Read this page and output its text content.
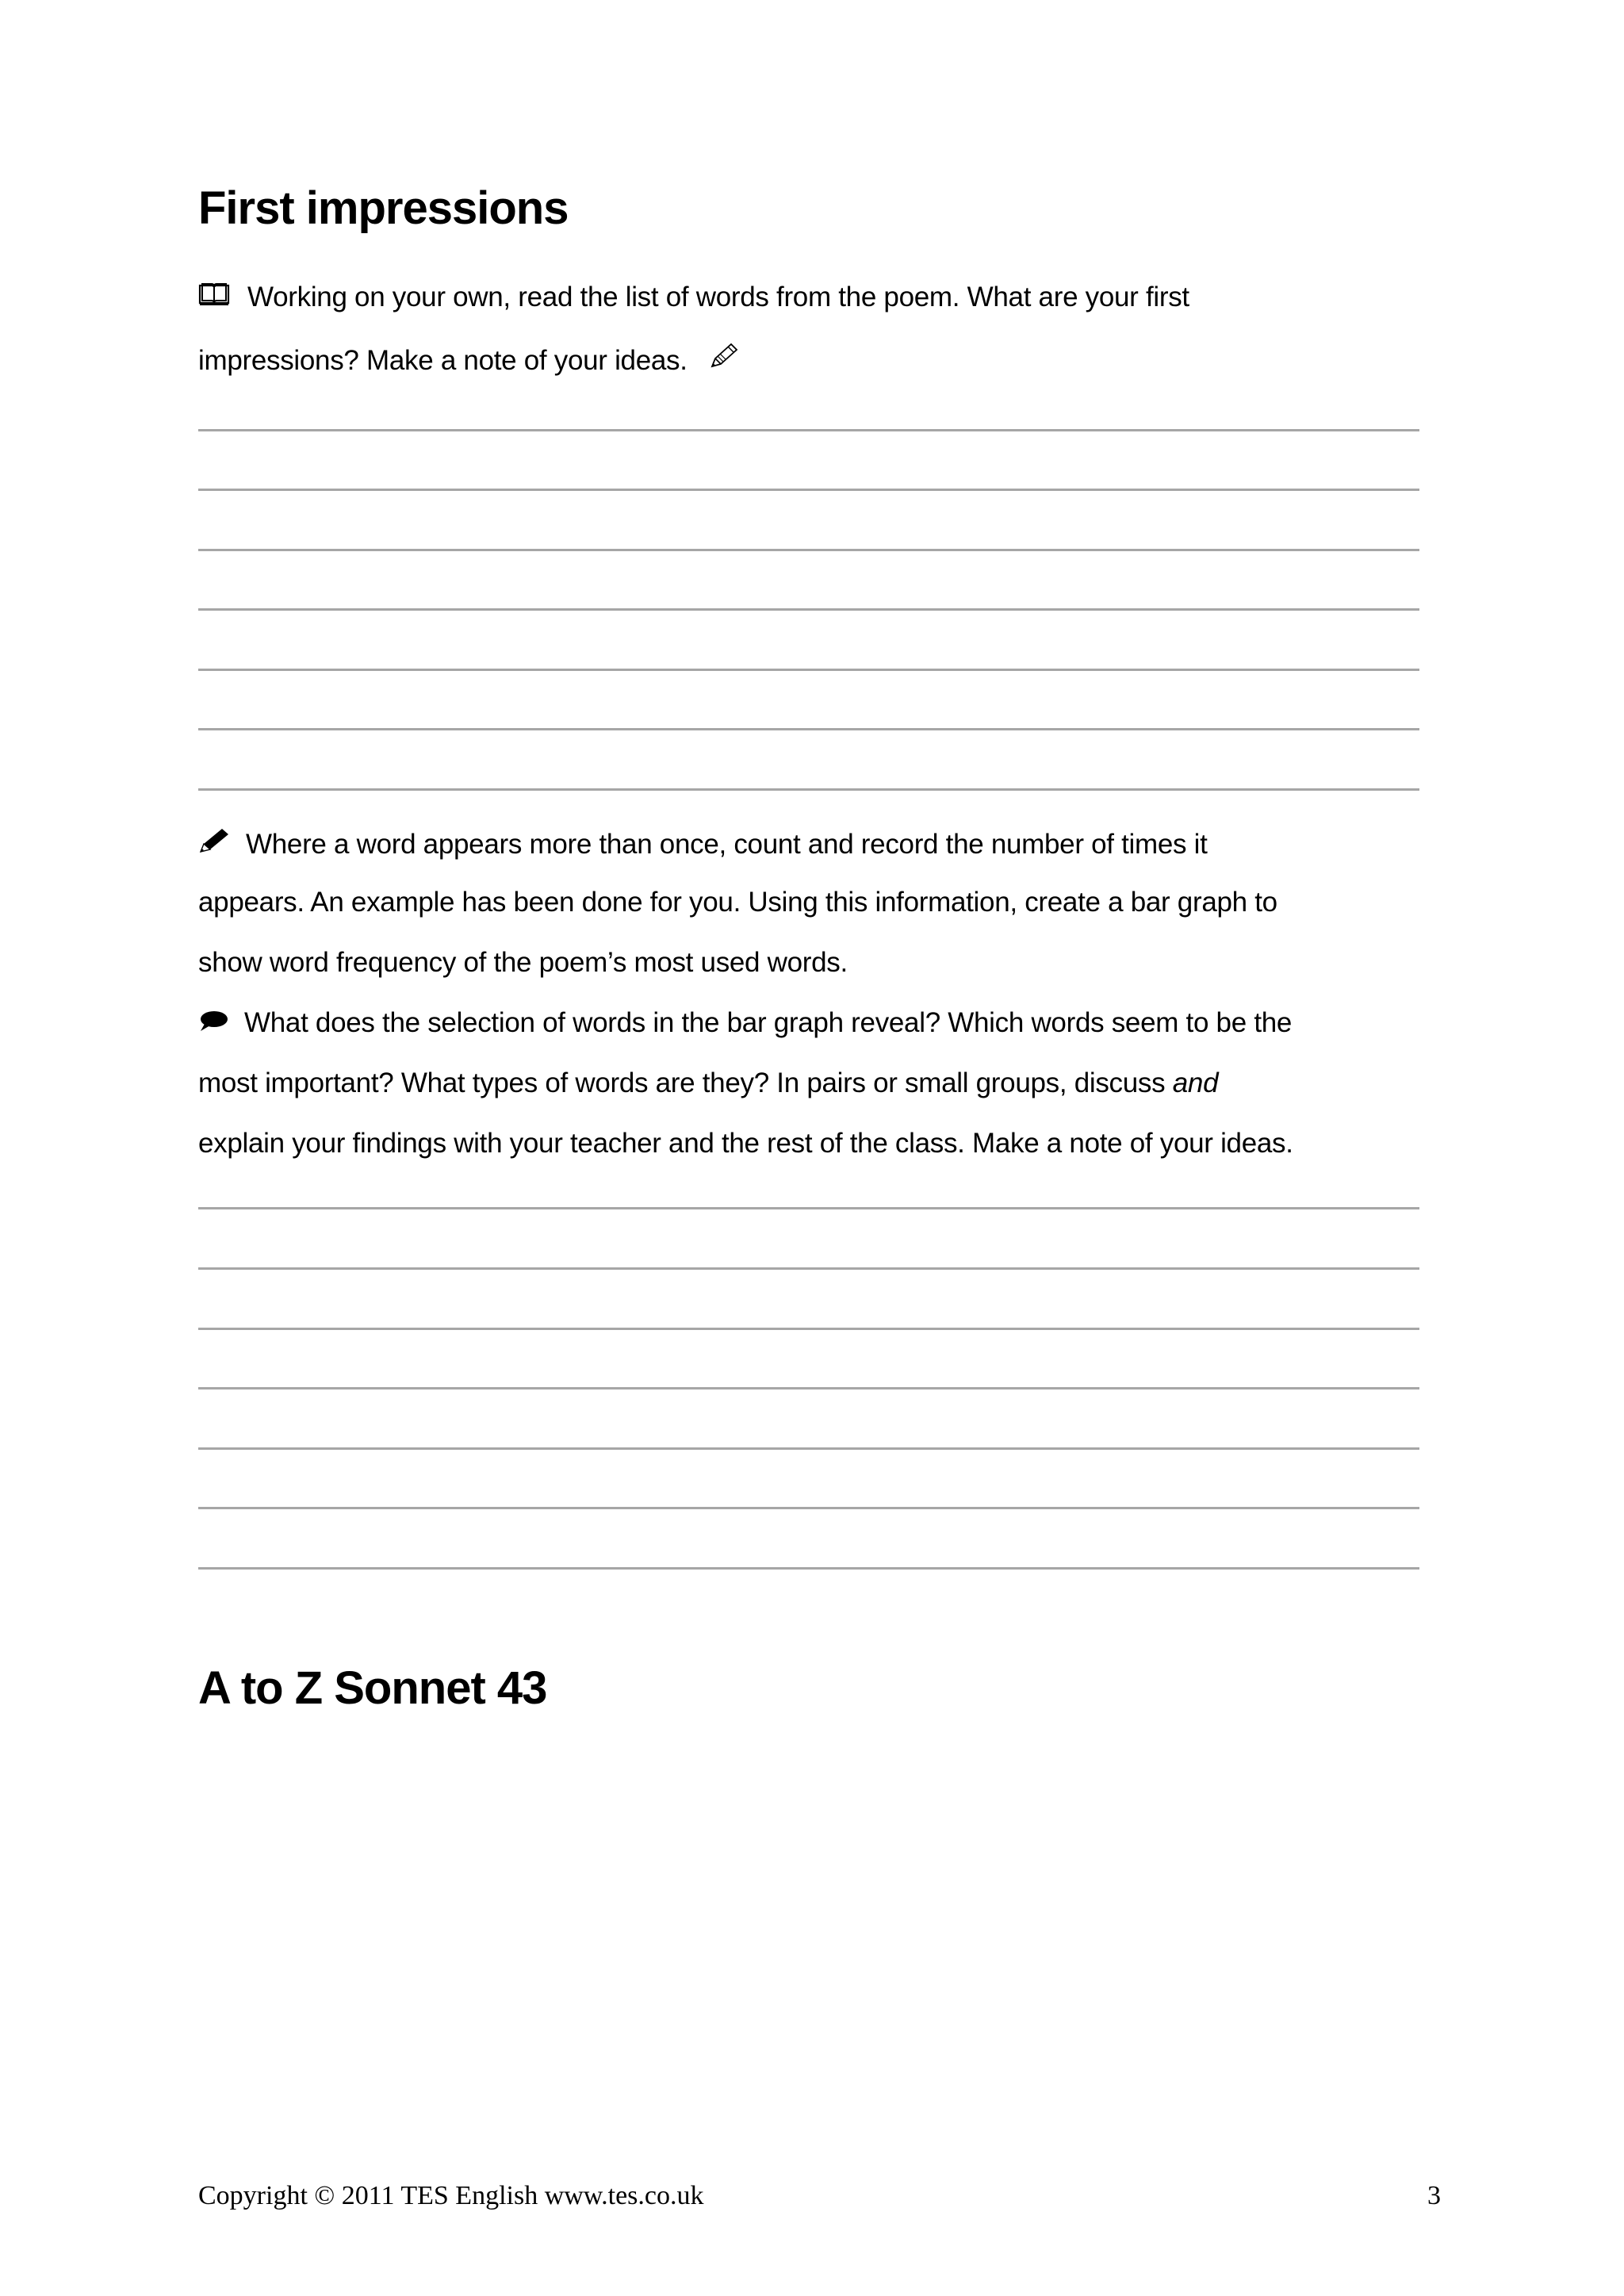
First impressions
Working on your own, read the list of words from the poem. What are your first
impressions? Make a note of your ideas.
Where a word appears more than once, count and record the number of times it
appears. An example has been done for you. Using this information, create a bar graph to
show word frequency of the poem’s most used words.
What does the selection of words in the bar graph reveal? Which words seem to be the
most important? What types of words are they? In pairs or small groups, discuss and
explain your findings with your teacher and the rest of the class. Make a note of your ideas.
A to Z Sonnet 43
Copyright © 2011 TES English www.tes.co.uk	3
